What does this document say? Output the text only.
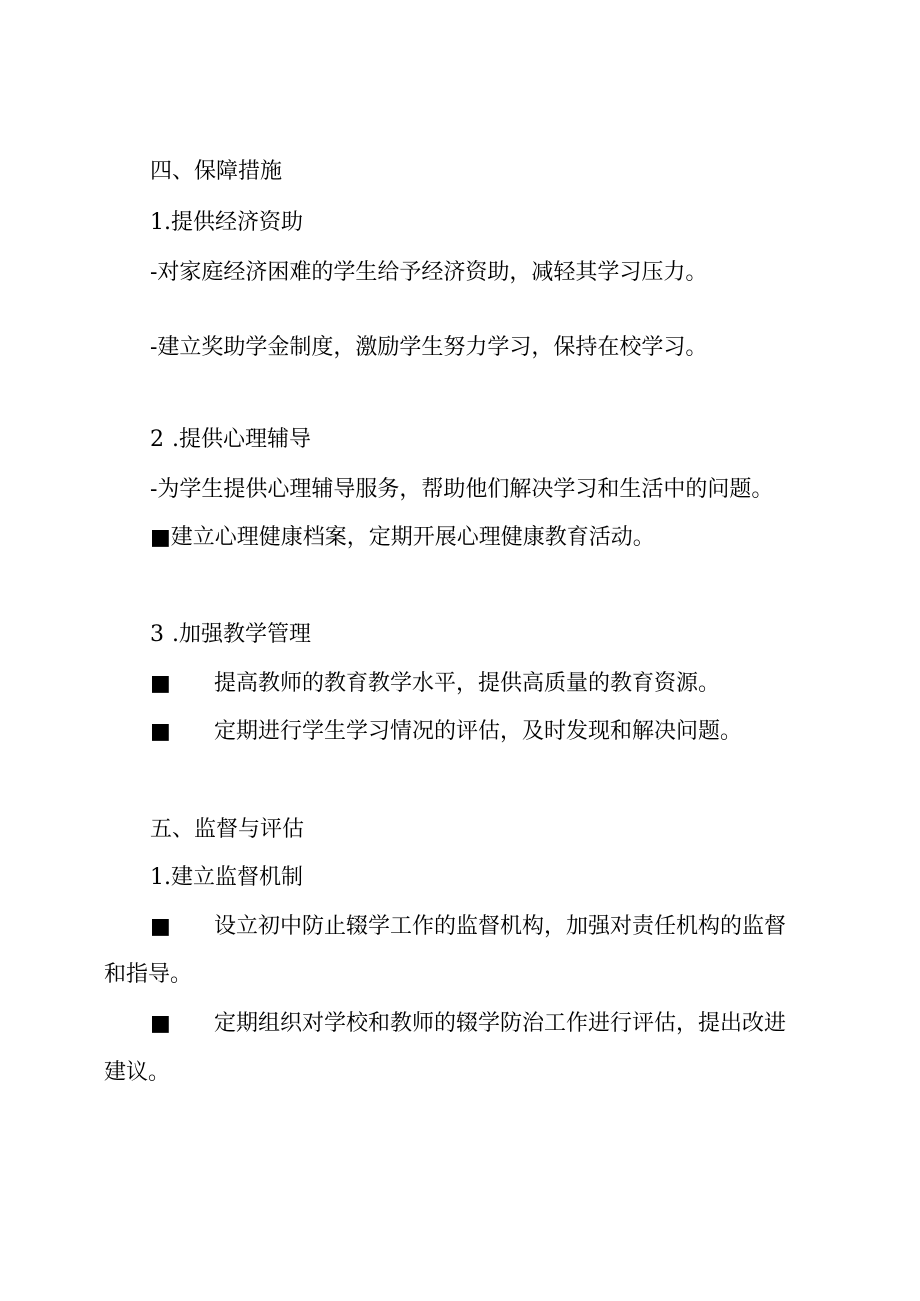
四、保障措施
1.提供经济资助
-对家庭经济困难的学生给予经济资助，减轻其学习压力。
-建立奖助学金制度，激励学生努力学习，保持在校学习。
2 .提供心理辅导
-为学生提供心理辅导服务，帮助他们解决学习和生活中的问题。
■建立心理健康档案，定期开展心理健康教育活动。
3 .加强教学管理
■ 提高教师的教育教学水平，提供高质量的教育资源。
■ 定期进行学生学习情况的评估，及时发现和解决问题。
五、监督与评估
1.建立监督机制
■ 设立初中防止辍学工作的监督机构，加强对责任机构的监督
和指导。
■ 定期组织对学校和教师的辍学防治工作进行评估，提出改进
建议。
